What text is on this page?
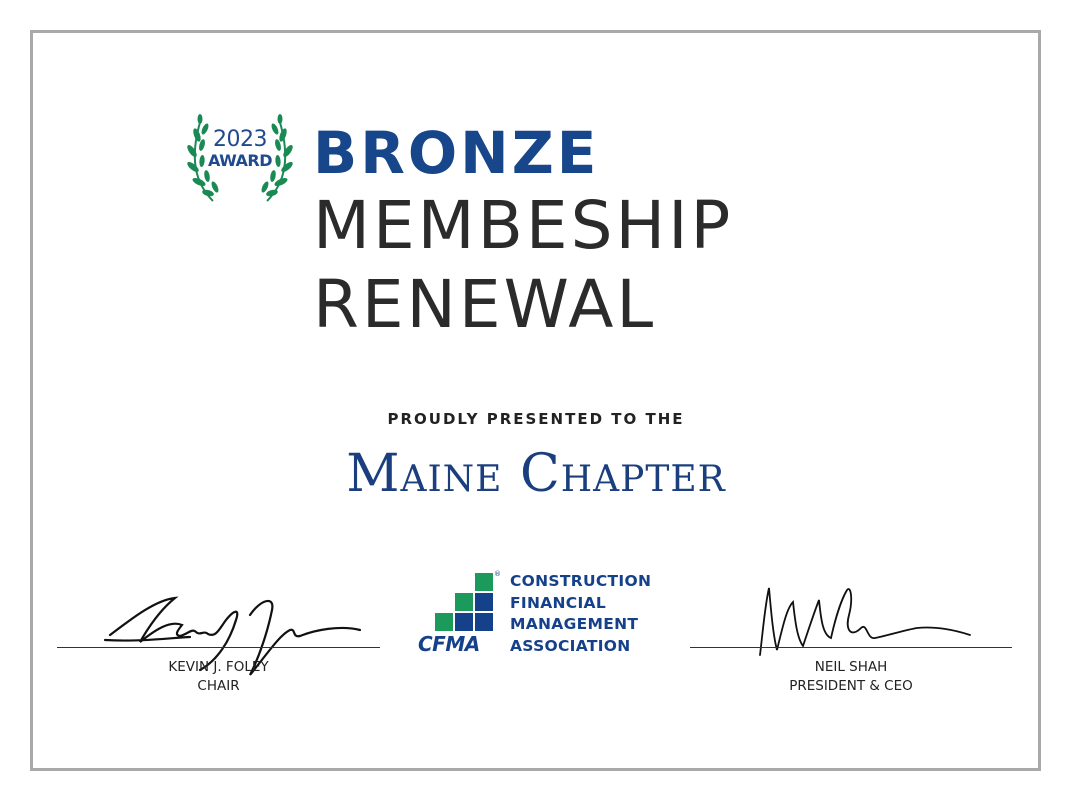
2023
AWARD BRONZE
MEMBESHIP
RENEWAL
PROUDLY PRESENTED TO THE
Maine Chapter
KEVIN J. FOLEY
CHAIR
NEIL SHAH
PRESIDENT & CEO
®
CFMA
CONSTRUCTION
FINANCIAL
MANAGEMENT
ASSOCIATION
